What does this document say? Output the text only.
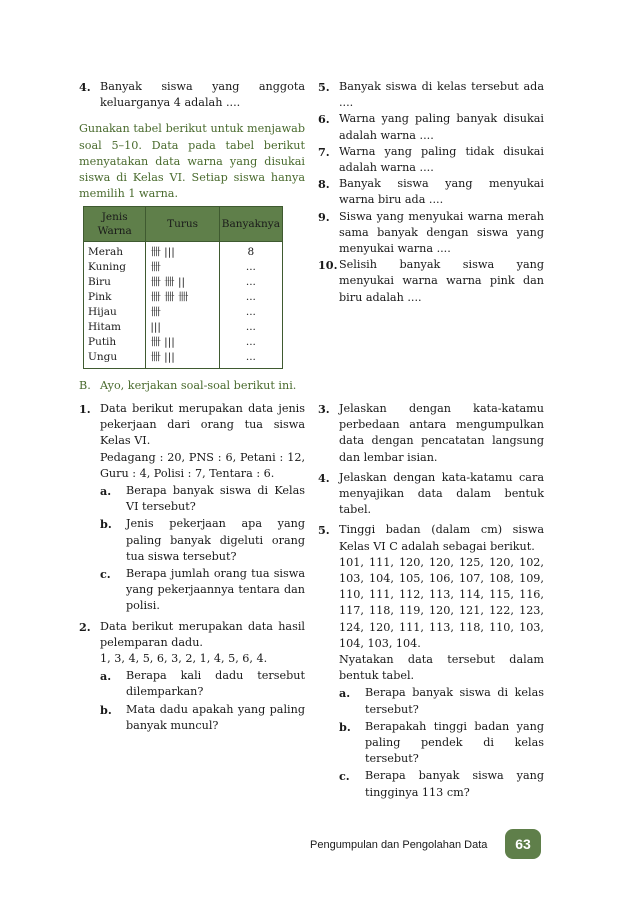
4. Banyak siswa yang anggota keluarganya 4 adalah ....
Gunakan tabel berikut untuk menjawab soal 5–10. Data pada tabel berikut menyatakan data warna yang disukai siswa di Kelas VI. Setiap siswa hanya memilih 1 warna.
Jenis Warna	Turus	Banyaknya
Merah	卌 |||	8
Kuning	卌	...
Biru	卌 卌 ||	...
Pink	卌 卌 卌	...
Hijau	卌	...
Hitam	|||	...
Putih	卌 |||	...
Ungu	卌 |||	...
5. Banyak siswa di kelas tersebut ada ....
6. Warna yang paling banyak disukai adalah warna ....
7. Warna yang paling tidak disukai adalah warna ....
8. Banyak siswa yang menyukai warna biru ada ....
9. Siswa yang menyukai warna merah sama banyak dengan siswa yang menyukai warna ....
10. Selisih banyak siswa yang menyukai warna warna pink dan biru adalah ....
B. Ayo, kerjakan soal-soal berikut ini.
1. Data berikut merupakan data jenis pekerjaan dari orang tua siswa Kelas VI.
Pedagang : 20, PNS : 6, Petani : 12, Guru : 4, Polisi : 7, Tentara : 6.
a.	Berapa banyak siswa di Kelas VI tersebut?
b.	Jenis pekerjaan apa yang paling banyak digeluti orang tua siswa tersebut?
c.	Berapa jumlah orang tua siswa yang pekerjaannya tentara dan polisi.
2. Data berikut merupakan data hasil pelemparan dadu.
1, 3, 4, 5, 6, 3, 2, 1, 4, 5, 6, 4.
a.	Berapa kali dadu tersebut dilemparkan?
b.	Mata dadu apakah yang paling banyak muncul?
3. Jelaskan dengan kata-katamu perbedaan antara mengumpulkan data dengan pencatatan langsung dan lembar isian.
4. Jelaskan dengan kata-katamu cara menyajikan data dalam bentuk tabel.
5. Tinggi badan (dalam cm) siswa Kelas VI C adalah sebagai berikut.
101, 111, 120, 120, 125, 120, 102, 103, 104, 105, 106, 107, 108, 109, 110, 111, 112, 113, 114, 115, 116, 117, 118, 119, 120, 121, 122, 123, 124, 120, 111, 113, 118, 110, 103, 104, 103, 104.
Nyatakan data tersebut dalam bentuk tabel.
a.	Berapa banyak siswa di kelas tersebut?
b.	Berapakah tinggi badan yang paling pendek di kelas tersebut?
c.	Berapa banyak siswa yang tingginya 113 cm?
Pengumpulan dan Pengolahan Data	63
